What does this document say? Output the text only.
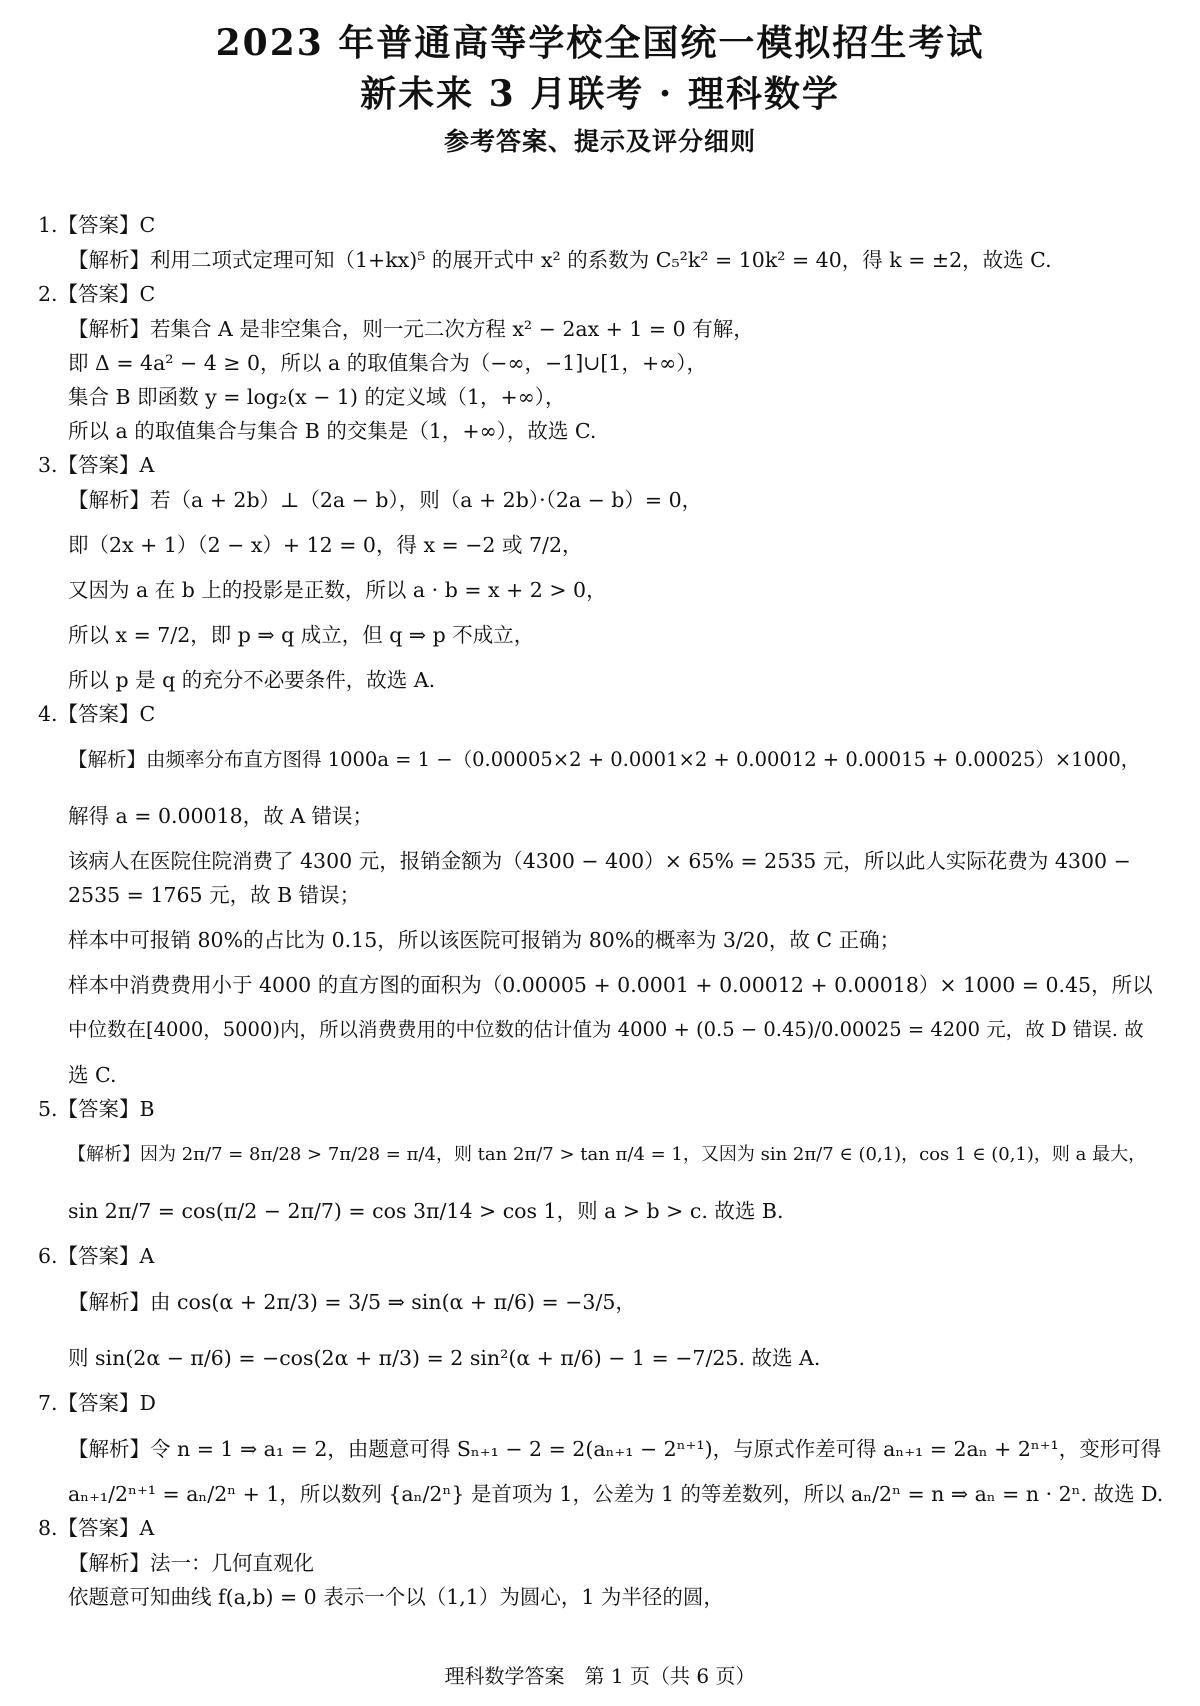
2023 年普通高等学校全国统一模拟招生考试

新未来 3 月联考 · 理科数学

参考答案、提示及评分细则

1.【答案】C
【解析】利用二项式定理可知（1+kx)⁵ 的展开式中 x² 的系数为 C₅²k² = 10k² = 40，得 k = ±2，故选 C.
2.【答案】C
【解析】若集合 A 是非空集合，则一元二次方程 x² − 2ax + 1 = 0 有解，
即 Δ = 4a² − 4 ≥ 0，所以 a 的取值集合为（−∞，−1]∪[1，+∞），
集合 B 即函数 y = log₂(x − 1) 的定义域（1，+∞），
所以 a 的取值集合与集合 B 的交集是（1，+∞），故选 C.
3.【答案】A
【解析】若（a + 2b）⊥（2a − b），则（a + 2b）·（2a − b）= 0，
即（2x + 1）（2 − x）+ 12 = 0，得 x = −2 或 7/2，
又因为 a 在 b 上的投影是正数，所以 a · b = x + 2 > 0，
所以 x = 7/2，即 p ⇒ q 成立，但 q ⇒ p 不成立，
所以 p 是 q 的充分不必要条件，故选 A.
4.【答案】C
【解析】由频率分布直方图得 1000a = 1 −（0.00005×2 + 0.0001×2 + 0.00012 + 0.00015 + 0.00025）×1000，
解得 a = 0.00018，故 A 错误；
该病人在医院住院消费了 4300 元，报销金额为（4300 − 400）× 65% = 2535 元，所以此人实际花费为 4300 −
2535 = 1765 元，故 B 错误；
样本中可报销 80%的占比为 0.15，所以该医院可报销为 80%的概率为 3/20，故 C 正确；
样本中消费费用小于 4000 的直方图的面积为（0.00005 + 0.0001 + 0.00012 + 0.00018）× 1000 = 0.45，所以
中位数在[4000，5000)内，所以消费费用的中位数的估计值为 4000 + (0.5 − 0.45)/0.00025 = 4200 元，故 D 错误. 故
选 C.
5.【答案】B
【解析】因为 2π/7 = 8π/28 > 7π/28 = π/4，则 tan 2π/7 > tan π/4 = 1，又因为 sin 2π/7 ∈ (0,1)，cos 1 ∈ (0,1)，则 a 最大，
sin 2π/7 = cos(π/2 − 2π/7) = cos 3π/14 > cos 1，则 a > b > c. 故选 B.
6.【答案】A
【解析】由 cos(α + 2π/3) = 3/5 ⇒ sin(α + π/6) = −3/5，
则 sin(2α − π/6) = −cos(2α + π/3) = 2 sin²(α + π/6) − 1 = −7/25. 故选 A.
7.【答案】D
【解析】令 n = 1 ⇒ a₁ = 2，由题意可得 Sₙ₊₁ − 2 = 2(aₙ₊₁ − 2ⁿ⁺¹)，与原式作差可得 aₙ₊₁ = 2aₙ + 2ⁿ⁺¹，变形可得
aₙ₊₁/2ⁿ⁺¹ = aₙ/2ⁿ + 1，所以数列 {aₙ/2ⁿ} 是首项为 1，公差为 1 的等差数列，所以 aₙ/2ⁿ = n ⇒ aₙ = n · 2ⁿ. 故选 D.
8.【答案】A
【解析】法一：几何直观化
依题意可知曲线 f(a,b) = 0 表示一个以（1,1）为圆心，1 为半径的圆，
理科数学答案　第 1 页（共 6 页）
